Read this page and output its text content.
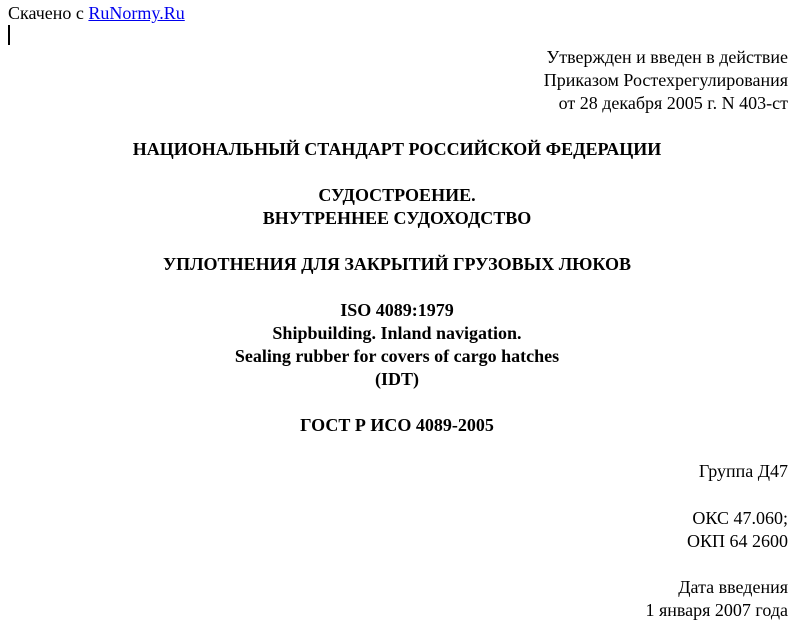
Скачено с RuNormy.Ru
Утвержден и введен в действие
Приказом Ростехрегулирования
от 28 декабря 2005 г. N 403-ст
НАЦИОНАЛЬНЫЙ СТАНДАРТ РОССИЙСКОЙ ФЕДЕРАЦИИ
СУДОСТРОЕНИЕ.
ВНУТРЕННЕЕ СУДОХОДСТВО
УПЛОТНЕНИЯ ДЛЯ ЗАКРЫТИЙ ГРУЗОВЫХ ЛЮКОВ
ISO 4089:1979
Shipbuilding. Inland navigation.
Sealing rubber for covers of cargo hatches
(IDT)
ГОСТ Р ИСО 4089-2005
Группа Д47
ОКС 47.060;
ОКП 64 2600
Дата введения
1 января 2007 года
